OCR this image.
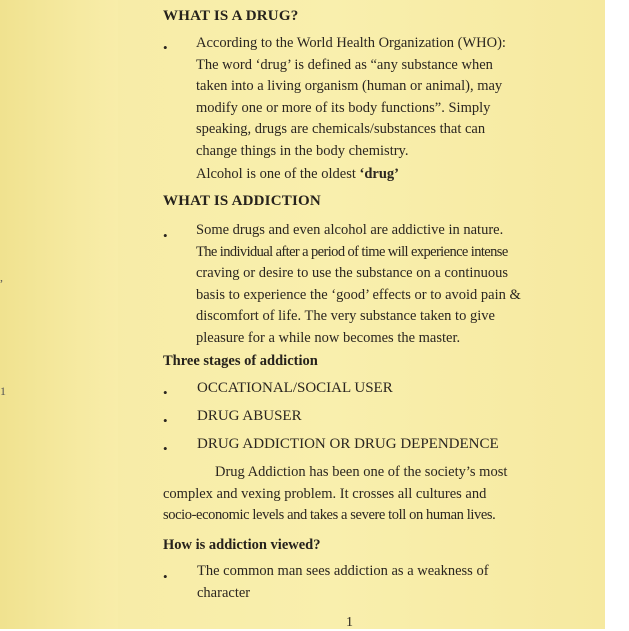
,
1
WHAT IS A DRUG?
• According to the World Health Organization (WHO):
The word ‘drug’ is defined as “any substance when
taken into a living organism (human or animal), may
modify one or more of its body functions”. Simply
speaking, drugs are chemicals/substances that can
change things in the body chemistry.
Alcohol is one of the oldest ‘drug’
WHAT IS ADDICTION
• Some drugs and even alcohol are addictive in nature.
The individual after a period of time will experience intense
craving or desire to use the substance on a continuous
basis to experience the ‘good’ effects or to avoid pain &
discomfort of life. The very substance taken to give
pleasure for a while now becomes the master.
Three stages of addiction
• OCCATIONAL/SOCIAL USER
• DRUG ABUSER
• DRUG ADDICTION OR DRUG DEPENDENCE
Drug Addiction has been one of the society’s most
complex and vexing problem. It crosses all cultures and
socio-economic levels and takes a severe toll on human lives.
How is addiction viewed?
• The common man sees addiction as a weakness of
character
1
